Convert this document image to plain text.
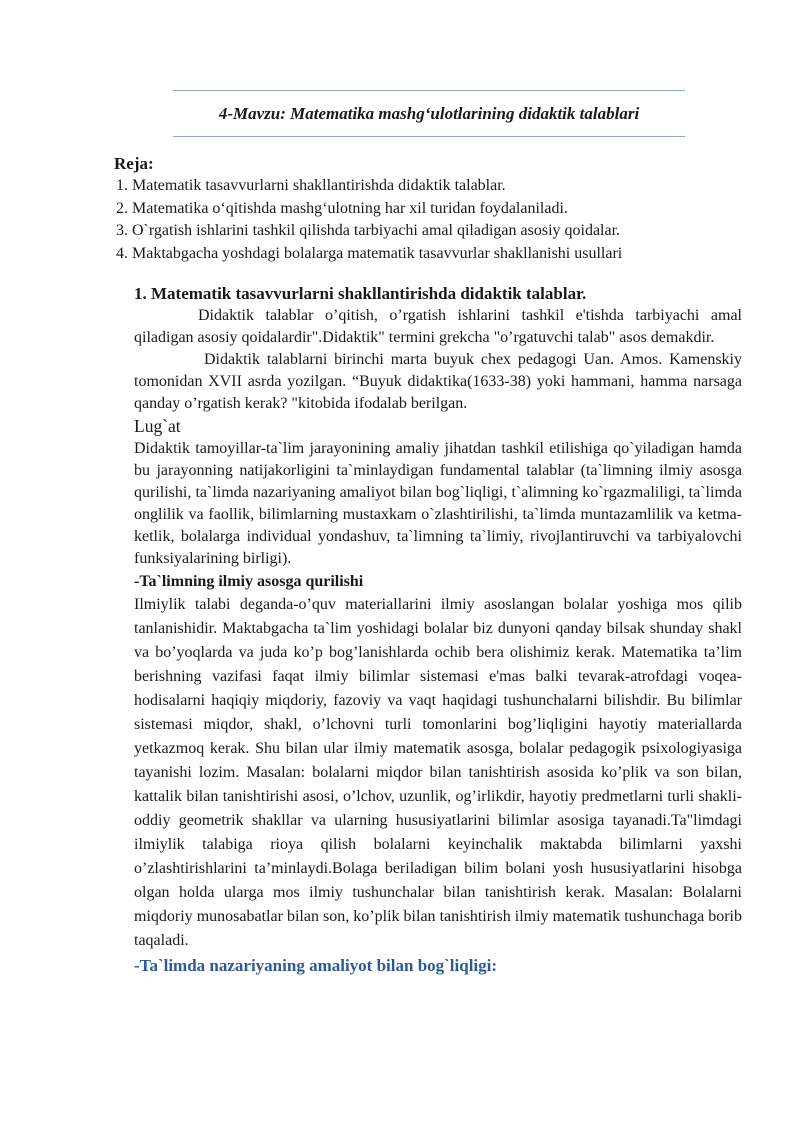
4-Mavzu: Matematika mashg‘ulotlarining didaktik talablari
Reja:
1. Matematik tasavvurlarni shakllantirishda didaktik talablar.
2. Matematika o‘qitishda mashg‘ulotning har xil turidan foydalaniladi.
3. O`rgatish ishlarini tashkil qilishda tarbiyachi amal qiladigan asosiy qoidalar.
4. Maktabgacha yoshdagi bolalarga matematik tasavvurlar shakllanishi usullari
1. Matematik tasavvurlarni shakllantirishda didaktik talablar.

Didaktik talablar o’qitish, o’rgatish ishlarini tashkil e'tishda tarbiyachi amal qiladigan asosiy qoidalardir".Didaktik" termini grekcha "o’rgatuvchi talab" asos demakdir.

Didaktik talablarni birinchi marta buyuk chex pedagogi Uan. Amos. Kamenskiy tomonidan XVII asrda yozilgan. “Buyuk didaktika(1633-38) yoki hammani, hamma narsaga qanday o’rgatish kerak? "kitobida ifodalab berilgan.

Lug`at

Didaktik tamoyillar-ta`lim jarayonining amaliy jihatdan tashkil etilishiga qo`yiladigan hamda bu jarayonning natijakorligini ta`minlaydigan fundamental talablar (ta`limning ilmiy asosga qurilishi, ta`limda nazariyaning amaliyot bilan bog`liqligi, t`alimning ko`rgazmaliligi, ta`limda onglilik va faollik, bilimlarning mustaxkam o`zlashtirilishi, ta`limda muntazamlilik va ketma-ketlik, bolalarga individual yondashuv, ta`limning ta`limiy, rivojlantiruvchi va tarbiyalovchi funksiyalarining birligi).

-Ta`limning ilmiy asosga qurilishi

Ilmiylik talabi deganda-o’quv materiallarini ilmiy asoslangan bolalar yoshiga mos qilib tanlanishidir. Maktabgacha ta`lim yoshidagi bolalar biz dunyoni qanday bilsak shunday shakl va bo’yoqlarda va juda ko’p bog’lanishlarda ochib bera olishimiz kerak. Matematika ta’lim berishning vazifasi faqat ilmiy bilimlar sistemasi e'mas balki tevarak-atrofdagi voqea-hodisalarni haqiqiy miqdoriy, fazoviy va vaqt haqidagi tushunchalarni bilishdir. Bu bilimlar sistemasi miqdor, shakl, o’lchovni turli tomonlarini bog’liqligini hayotiy materiallarda yetkazmoq kerak. Shu bilan ular ilmiy matematik asosga, bolalar pedagogik psixologiyasiga tayanishi lozim. Masalan: bolalarni miqdor bilan tanishtirish asosida ko’plik va son bilan, kattalik bilan tanishtirishi asosi, o’lchov, uzunlik, og’irlikdir, hayotiy predmetlarni turli shakli-oddiy geometrik shakllar va ularning hususiyatlarini bilimlar asosiga tayanadi.Ta"limdagi ilmiylik talabiga rioya qilish bolalarni keyinchalik maktabda bilimlarni yaxshi o’zlashtirishlarini ta’minlaydi.Bolaga beriladigan bilim bolani yosh hususiyatlarini hisobga olgan holda ularga mos ilmiy tushunchalar bilan tanishtirish kerak. Masalan: Bolalarni miqdoriy munosabatlar bilan son, ko’plik bilan tanishtirish ilmiy matematik tushunchaga borib taqaladi.

-Ta`limda nazariyaning amaliyot bilan bog`liqligi:
